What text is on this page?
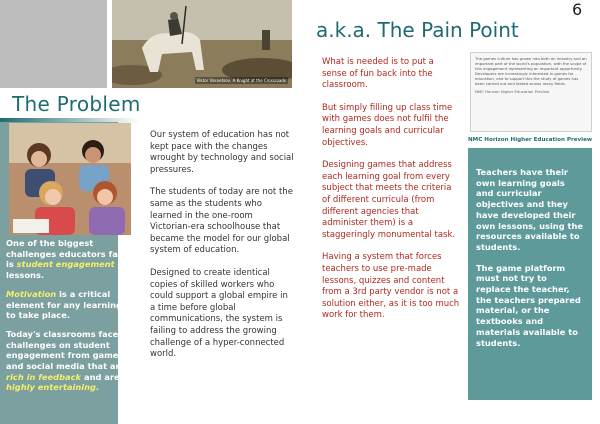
Viktor Vasnetsov, A Knight at the Crossroads
The Problem

One of the biggest challenges educators face is student engagement in lessons.

Motivation is a critical element for any learning to take place.

Today's classrooms face challenges on student engagement from games and social media that are rich in feedback and are highly entertaining.

Our system of education has not kept pace with the changes wrought by technology and social pressures.

The students of today are not the same as the students who learned in the one-room Victorian-era schoolhouse that became the model for our global system of education.

Designed to create identical copies of skilled workers who could support a global empire in a time before global communications, the system is failing to address the growing challenge of a hyper-connected world.

a.k.a. The Pain Point
6

What is needed is to put a sense of fun back into the classroom.

But simply filling up class time with games does not fulfil the learning goals and curricular objectives.

Designing games that address each learning goal from every subject that meets the criteria of different curricula (from different agencies that administer them) is a staggeringly monumental task.

Having a system that forces teachers to use pre-made lessons, quizzes and content from a 3rd party vendor is not a solution either, as it is too much work for them.

The games culture has grown into both an industry and an important part of the world's population, with the scope of this engagement representing an important opportunity. Developers are increasingly interested in games for education, and to support this the study of games has been carried out and tested across many fields.
NMC Horizon Higher Education Preview
NMC Horizon Higher Education Preview

Teachers have their own learning goals and curricular objectives and they have developed their own lessons, using the resources available to students.

The game platform must not try to replace the teacher, the teachers prepared material, or the textbooks and materials available to students.
